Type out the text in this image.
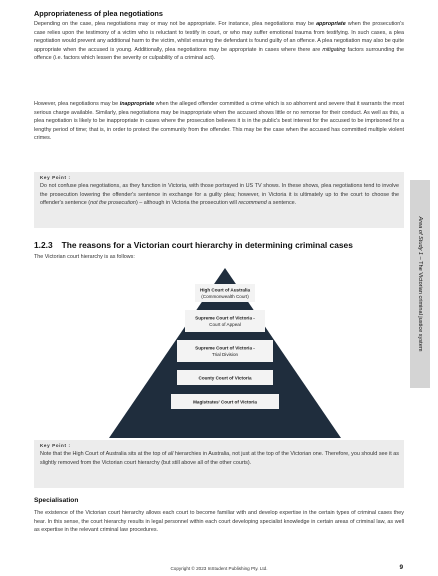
Appropriateness of plea negotiations
Depending on the case, plea negotiations may or may not be appropriate. For instance, plea negotiations may be appropriate when the prosecution's case relies upon the testimony of a victim who is reluctant to testify in court, or who may suffer emotional trauma from testifying. In such cases, a plea negotiation would prevent any additional harm to the victim, whilst ensuring the defendant is found guilty of an offence. A plea negotiation may also be quite appropriate when the accused is young. Additionally, plea negotiations may be appropriate in cases where there are mitigating factors surrounding the offence (i.e. factors which lessen the severity or culpability of a criminal act).
However, plea negotiations may be inappropriate when the alleged offender committed a crime which is so abhorrent and severe that it warrants the most serious charge available. Similarly, plea negotiations may be inappropriate when the accused shows little or no remorse for their conduct. As well as this, a plea negotiation is likely to be inappropriate in cases where the prosecution believes it is in the public's best interest for the accused to be imprisoned for a lengthy period of time; that is, in order to protect the community from the offender. This may be the case when the accused has committed multiple violent crimes.
Key Point :
Do not confuse plea negotiations, as they function in Victoria, with those portrayed in US TV shows. In these shows, plea negotiations tend to involve the prosecution lowering the offender's sentence in exchange for a guilty plea; however, in Victoria it is ultimately up to the court to choose the offender's sentence (not the prosecution) – although in Victoria the prosecution will recommend a sentence.
1.2.3 The reasons for a Victorian court hierarchy in determining criminal cases
The Victorian court hierarchy is as follows:
High Court of Australia
(Commonwealth Court)
Supreme Court of Victoria -
Court of Appeal
Supreme Court of Victoria -
Trial Division
County Court of Victoria
Magistrates' Court of Victoria
Key Point :
Note that the High Court of Australia sits at the top of all hierarchies in Australia, not just at the top of the Victorian one. Therefore, you should see it as slightly removed from the Victorian court hierarchy (but still above all of the other courts).
Specialisation
The existence of the Victorian court hierarchy allows each court to become familiar with and develop expertise in the certain types of criminal cases they hear. In this sense, the court hierarchy results in legal personnel within each court developing specialist knowledge in certain areas of criminal law, as well as expertise in the relevant criminal law procedures.
Copyright © 2023 InStudent Publishing Pty. Ltd.	9
Area of Study 1 – The Victorian criminal justice system
